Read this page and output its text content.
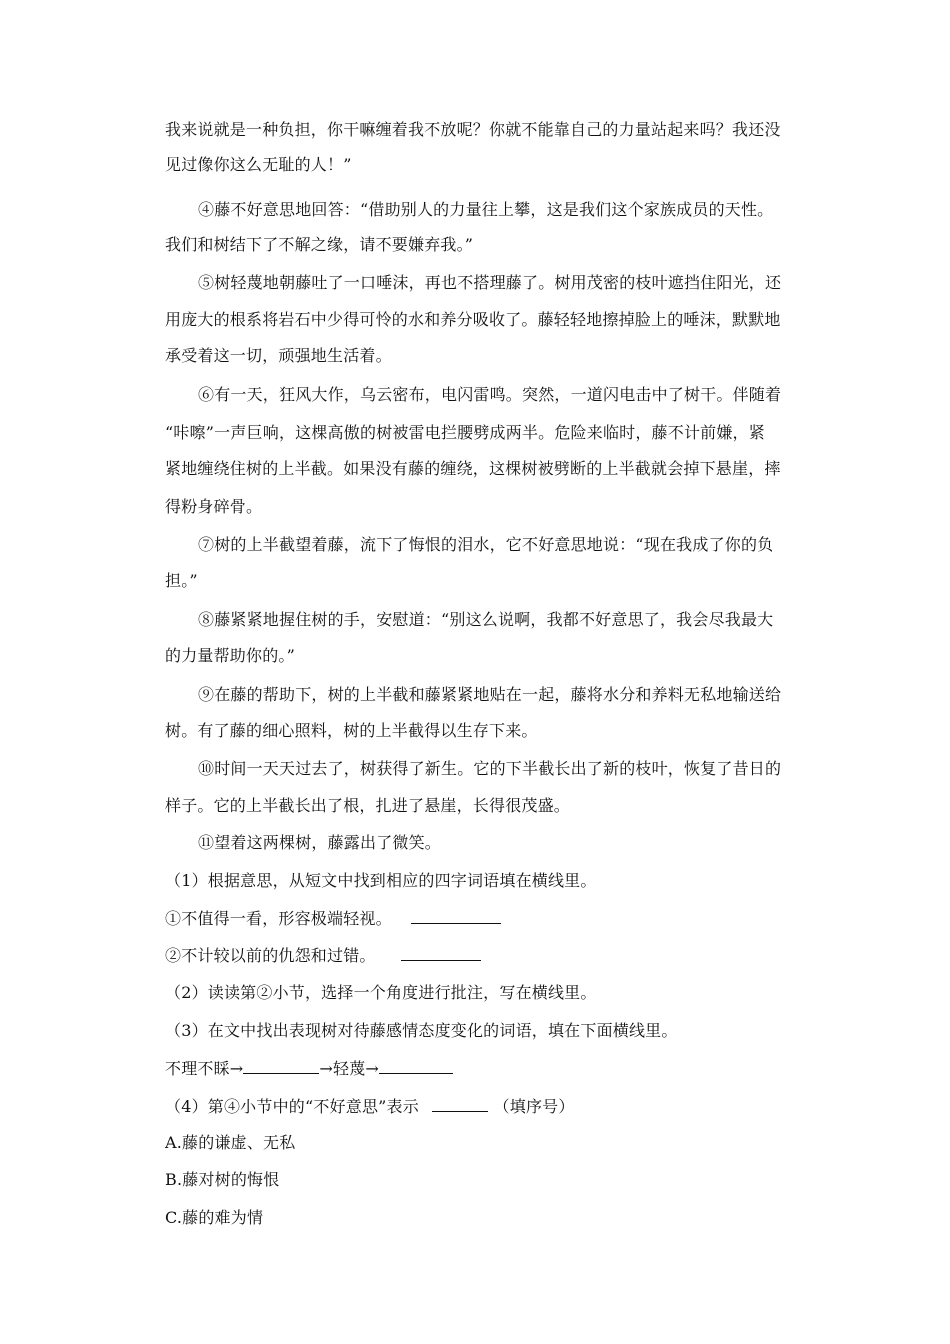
我来说就是一种负担，你干嘛缠着我不放呢？你就不能靠自己的力量站起来吗？我还没
见过像你这么无耻的人！”
④藤不好意思地回答：“借助别人的力量往上攀，这是我们这个家族成员的天性。
我们和树结下了不解之缘，请不要嫌弃我。”
⑤树轻蔑地朝藤吐了一口唾沫，再也不搭理藤了。树用茂密的枝叶遮挡住阳光，还
用庞大的根系将岩石中少得可怜的水和养分吸收了。藤轻轻地擦掉脸上的唾沫，默默地
承受着这一切，顽强地生活着。
⑥有一天，狂风大作，乌云密布，电闪雷鸣。突然，一道闪电击中了树干。伴随着
“咔嚓”一声巨响，这棵高傲的树被雷电拦腰劈成两半。危险来临时，藤不计前嫌，紧
紧地缠绕住树的上半截。如果没有藤的缠绕，这棵树被劈断的上半截就会掉下悬崖，摔
得粉身碎骨。
⑦树的上半截望着藤，流下了悔恨的泪水，它不好意思地说：“现在我成了你的负
担。”
⑧藤紧紧地握住树的手，安慰道：“别这么说啊，我都不好意思了，我会尽我最大
的力量帮助你的。”
⑨在藤的帮助下，树的上半截和藤紧紧地贴在一起，藤将水分和养料无私地输送给
树。有了藤的细心照料，树的上半截得以生存下来。
⑩时间一天天过去了，树获得了新生。它的下半截长出了新的枝叶，恢复了昔日的
样子。它的上半截长出了根，扎进了悬崖，长得很茂盛。
⑪望着这两棵树，藤露出了微笑。
（1）根据意思，从短文中找到相应的四字词语填在横线里。
①不值得一看，形容极端轻视。
②不计较以前的仇怨和过错。
（2）读读第②小节，选择一个角度进行批注，写在横线里。
（3）在文中找出表现树对待藤感情态度变化的词语，填在下面横线里。
不理不睬→	→轻蔑→
（4）第④小节中的“不好意思”表示	（填序号）
A.藤的谦虚、无私
B.藤对树的悔恨
C.藤的难为情
